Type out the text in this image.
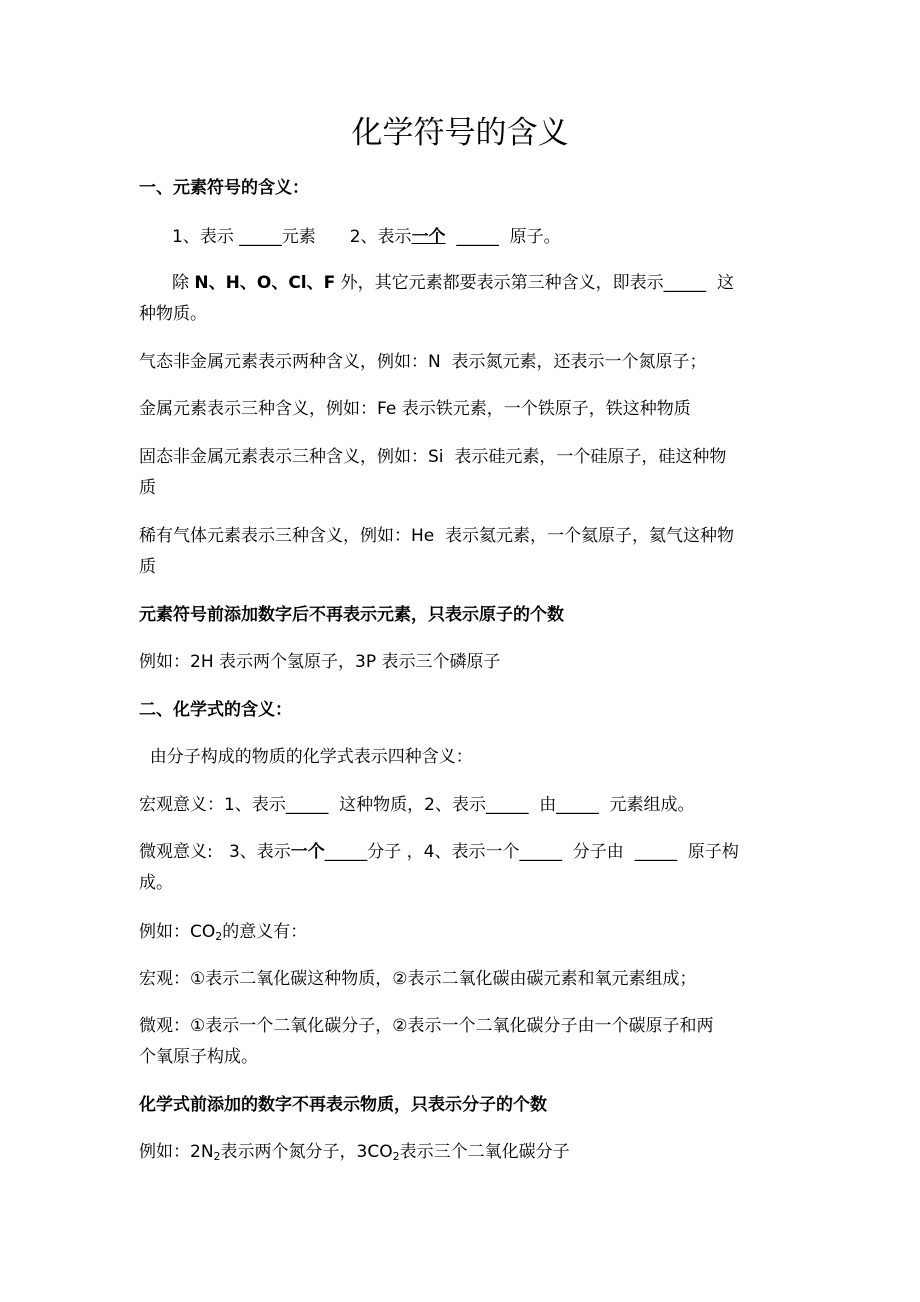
化学符号的含义
一、元素符号的含义：
1、表示 _____元素 2、表示一个  _____  原子。
除 N、H、O、Cl、F 外，其它元素都要表示第三种含义，即表示_____  这
种物质。
气态非金属元素表示两种含义，例如：N  表示氮元素，还表示一个氮原子；
金属元素表示三种含义，例如：Fe 表示铁元素，一个铁原子，铁这种物质
固态非金属元素表示三种含义，例如：Si  表示硅元素，一个硅原子，硅这种物
质
稀有气体元素表示三种含义，例如：He  表示氦元素，一个氦原子，氦气这种物
质
元素符号前添加数字后不再表示元素，只表示原子的个数
例如：2H 表示两个氢原子，3P 表示三个磷原子
二、化学式的含义：
由分子构成的物质的化学式表示四种含义：
宏观意义：1、表示_____  这种物质，2、表示_____  由_____  元素组成。
微观意义:   3、表示一个_____分子 ，4、表示一个_____  分子由  _____  原子构
成。
例如：$CO_2$的意义有：
宏观：①表示二氧化碳这种物质，②表示二氧化碳由碳元素和氧元素组成；
微观：①表示一个二氧化碳分子，②表示一个二氧化碳分子由一个碳原子和两
个氧原子构成。
化学式前添加的数字不再表示物质，只表示分子的个数
例如：$2N_2$表示两个氮分子，$3CO_2$表示三个二氧化碳分子
